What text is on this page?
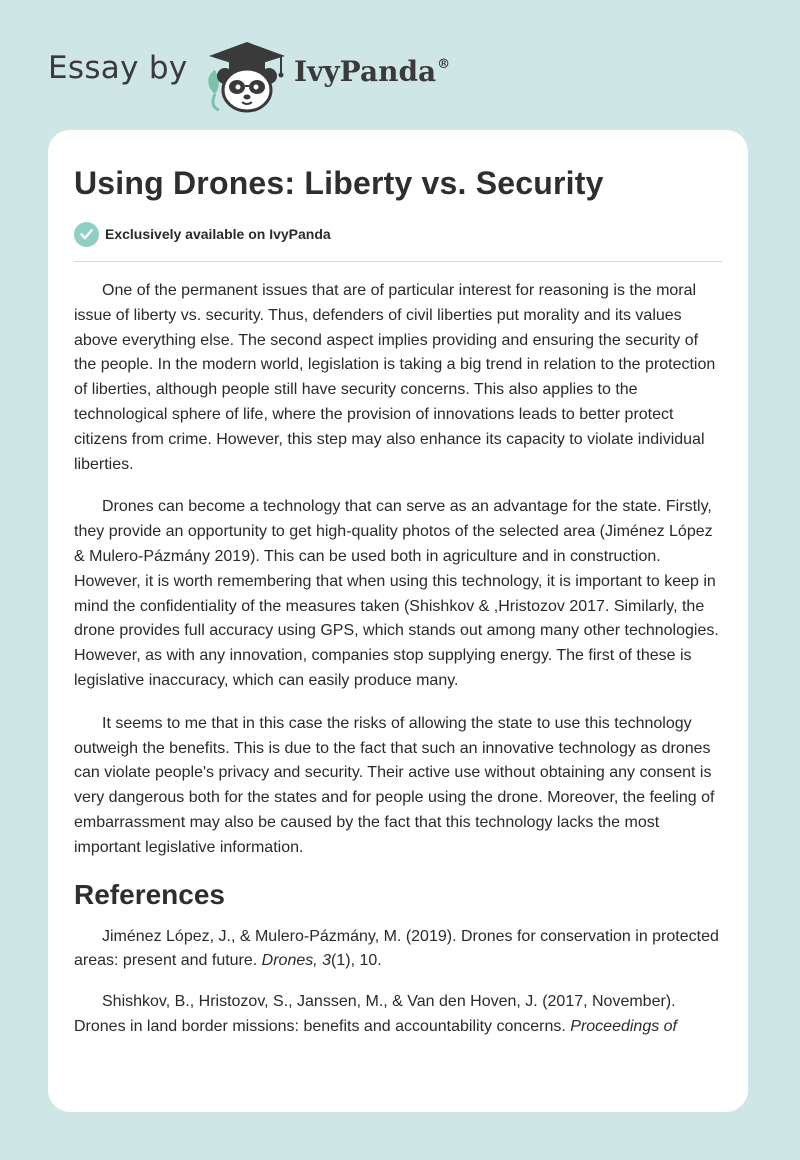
Essay by	IvyPanda®
Using Drones: Liberty vs. Security
Exclusively available on IvyPanda

One of the permanent issues that are of particular interest for reasoning is the moral issue of liberty vs. security. Thus, defenders of civil liberties put morality and its values above everything else. The second aspect implies providing and ensuring the security of the people. In the modern world, legislation is taking a big trend in relation to the protection of liberties, although people still have security concerns. This also applies to the technological sphere of life, where the provision of innovations leads to better protect citizens from crime. However, this step may also enhance its capacity to violate individual liberties.

Drones can become a technology that can serve as an advantage for the state. Firstly, they provide an opportunity to get high-quality photos of the selected area (Jiménez López & Mulero-Pázmány 2019). This can be used both in agriculture and in construction. However, it is worth remembering that when using this technology, it is important to keep in mind the confidentiality of the measures taken (Shishkov & ,Hristozov 2017. Similarly, the drone provides full accuracy using GPS, which stands out among many other technologies. However, as with any innovation, companies stop supplying energy. The first of these is legislative inaccuracy, which can easily produce many.

It seems to me that in this case the risks of allowing the state to use this technology outweigh the benefits. This is due to the fact that such an innovative technology as drones can violate people's privacy and security. Their active use without obtaining any consent is very dangerous both for the states and for people using the drone. Moreover, the feeling of embarrassment may also be caused by the fact that this technology lacks the most important legislative information.

References

Jiménez López, J., & Mulero-Pázmány, M. (2019). Drones for conservation in protected areas: present and future. Drones, 3(1), 10.

Shishkov, B., Hristozov, S., Janssen, M., & Van den Hoven, J. (2017, November). Drones in land border missions: benefits and accountability concerns. Proceedings of
